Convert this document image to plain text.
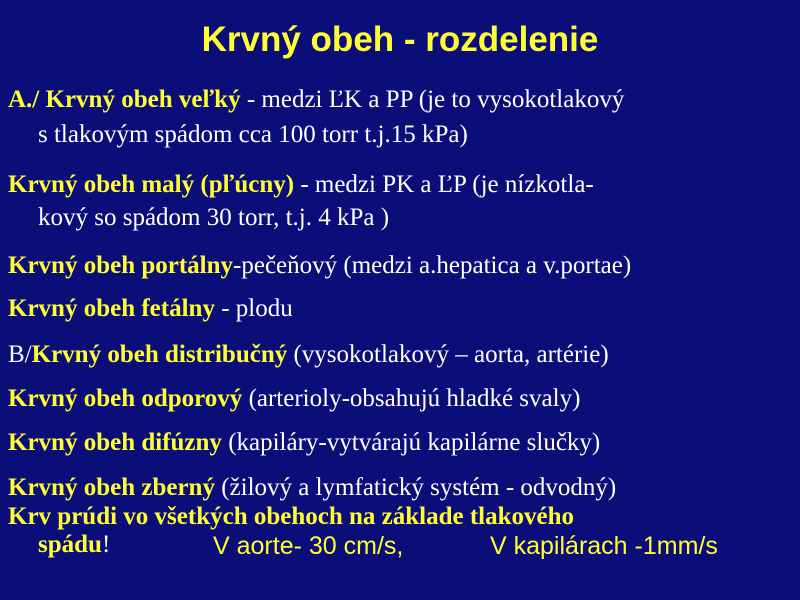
Krvný obeh - rozdelenie
A./ Krvný obeh veľký - medzi ĽK a PP (je to vysokotlakový
s tlakovým spádom cca 100 torr t.j.15 kPa)
Krvný obeh malý (pľúcny) - medzi PK a ĽP (je nízkotla-
kový so spádom 30 torr, t.j. 4 kPa )
Krvný obeh portálny-pečeňový (medzi a.hepatica a v.portae)
Krvný obeh fetálny - plodu
B/Krvný obeh distribučný (vysokotlakový – aorta, artérie)
Krvný obeh odporový (arterioly-obsahujú hladké svaly)
Krvný obeh difúzny (kapiláry-vytvárajú kapilárne slučky)
Krvný obeh zberný (žilový a lymfatický systém - odvodný)
Krv prúdi vo všetkých obehoch na základe tlakového
spádu!	V aorte- 30 cm/s,	V kapilárach -1mm/s
